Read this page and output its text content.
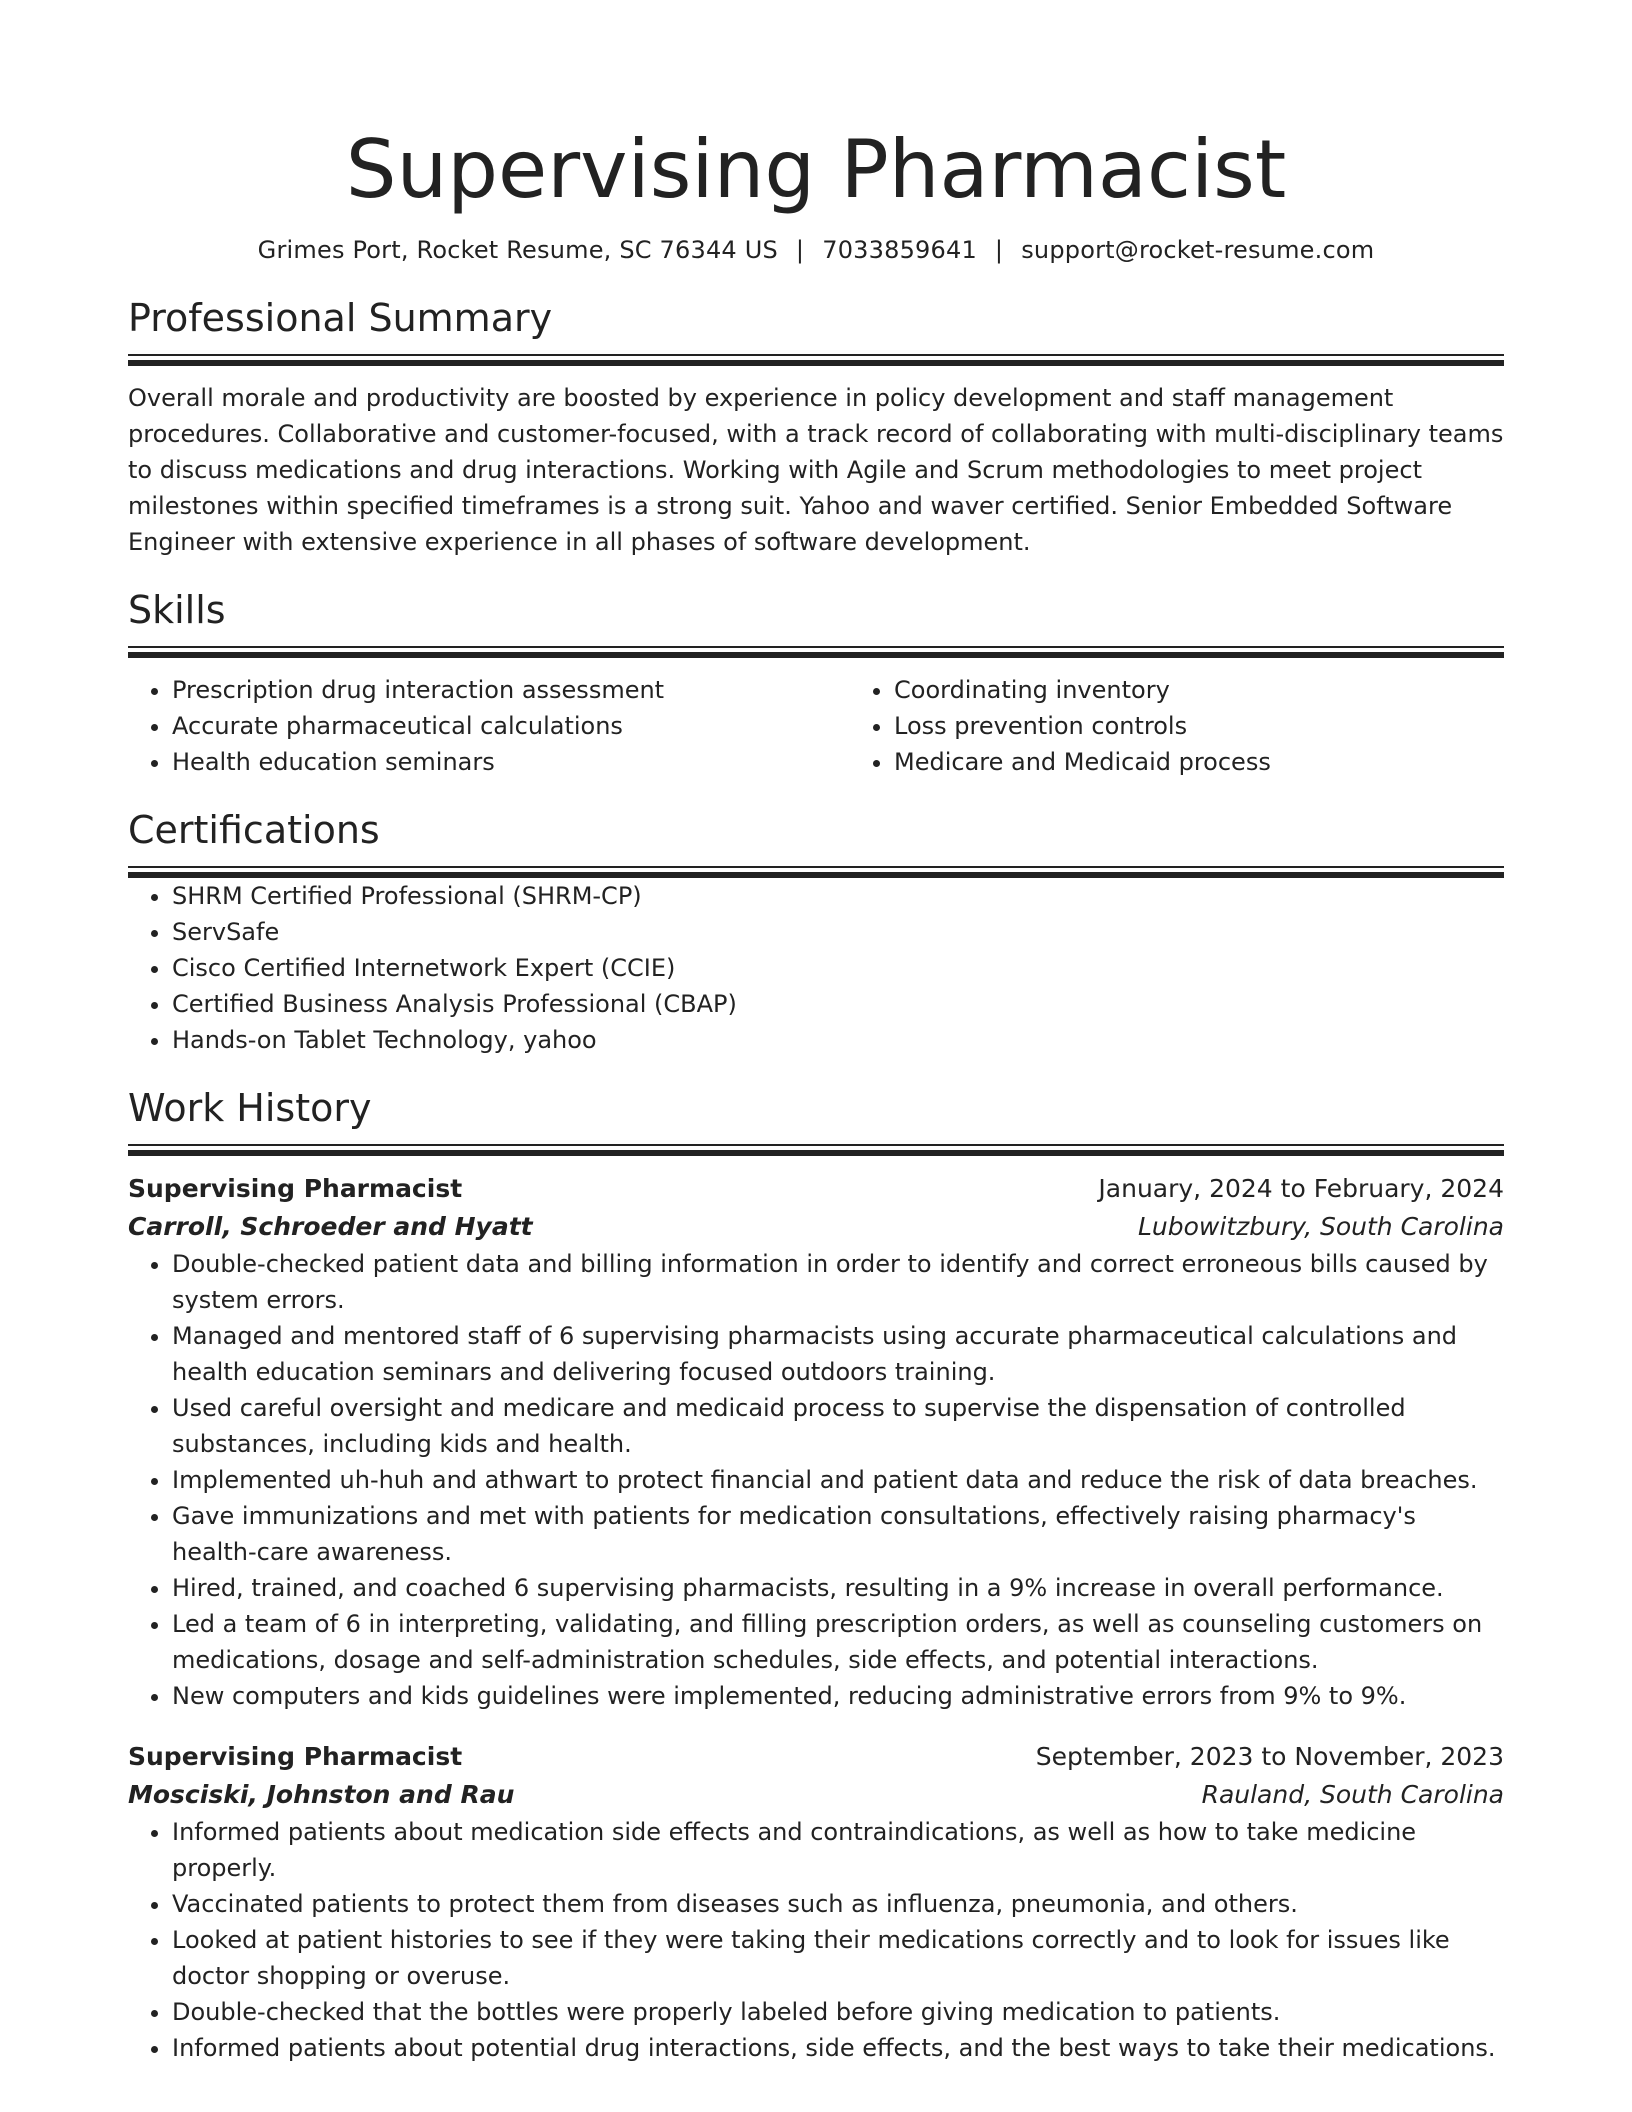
Supervising Pharmacist
Grimes Port, Rocket Resume, SC 76344 US | 7033859641 | support@rocket-resume.com
Professional Summary

Overall morale and productivity are boosted by experience in policy development and staff management procedures. Collaborative and customer-focused, with a track record of collaborating with multi-disciplinary teams to discuss medications and drug interactions. Working with Agile and Scrum methodologies to meet project milestones within specified timeframes is a strong suit. Yahoo and waver certified. Senior Embedded Software Engineer with extensive experience in all phases of software development.

Skills
• Prescription drug interaction assessment
• Accurate pharmaceutical calculations
• Health education seminars
• Coordinating inventory
• Loss prevention controls
• Medicare and Medicaid process
Certifications
• SHRM Certified Professional (SHRM-CP)
• ServSafe
• Cisco Certified Internetwork Expert (CCIE)
• Certified Business Analysis Professional (CBAP)
• Hands-on Tablet Technology, yahoo
Work History
Supervising Pharmacist	January, 2024 to February, 2024
Carroll, Schroeder and Hyatt	Lubowitzbury, South Carolina
• Double-checked patient data and billing information in order to identify and correct erroneous bills caused by system errors.
• Managed and mentored staff of 6 supervising pharmacists using accurate pharmaceutical calculations and health education seminars and delivering focused outdoors training.
• Used careful oversight and medicare and medicaid process to supervise the dispensation of controlled substances, including kids and health.
• Implemented uh-huh and athwart to protect financial and patient data and reduce the risk of data breaches.
• Gave immunizations and met with patients for medication consultations, effectively raising pharmacy's health-care awareness.
• Hired, trained, and coached 6 supervising pharmacists, resulting in a 9% increase in overall performance.
• Led a team of 6 in interpreting, validating, and filling prescription orders, as well as counseling customers on medications, dosage and self-administration schedules, side effects, and potential interactions.
• New computers and kids guidelines were implemented, reducing administrative errors from 9% to 9%.
Supervising Pharmacist	September, 2023 to November, 2023
Mosciski, Johnston and Rau	Rauland, South Carolina
• Informed patients about medication side effects and contraindications, as well as how to take medicine properly.
• Vaccinated patients to protect them from diseases such as influenza, pneumonia, and others.
• Looked at patient histories to see if they were taking their medications correctly and to look for issues like doctor shopping or overuse.
• Double-checked that the bottles were properly labeled before giving medication to patients.
• Informed patients about potential drug interactions, side effects, and the best ways to take their medications.
